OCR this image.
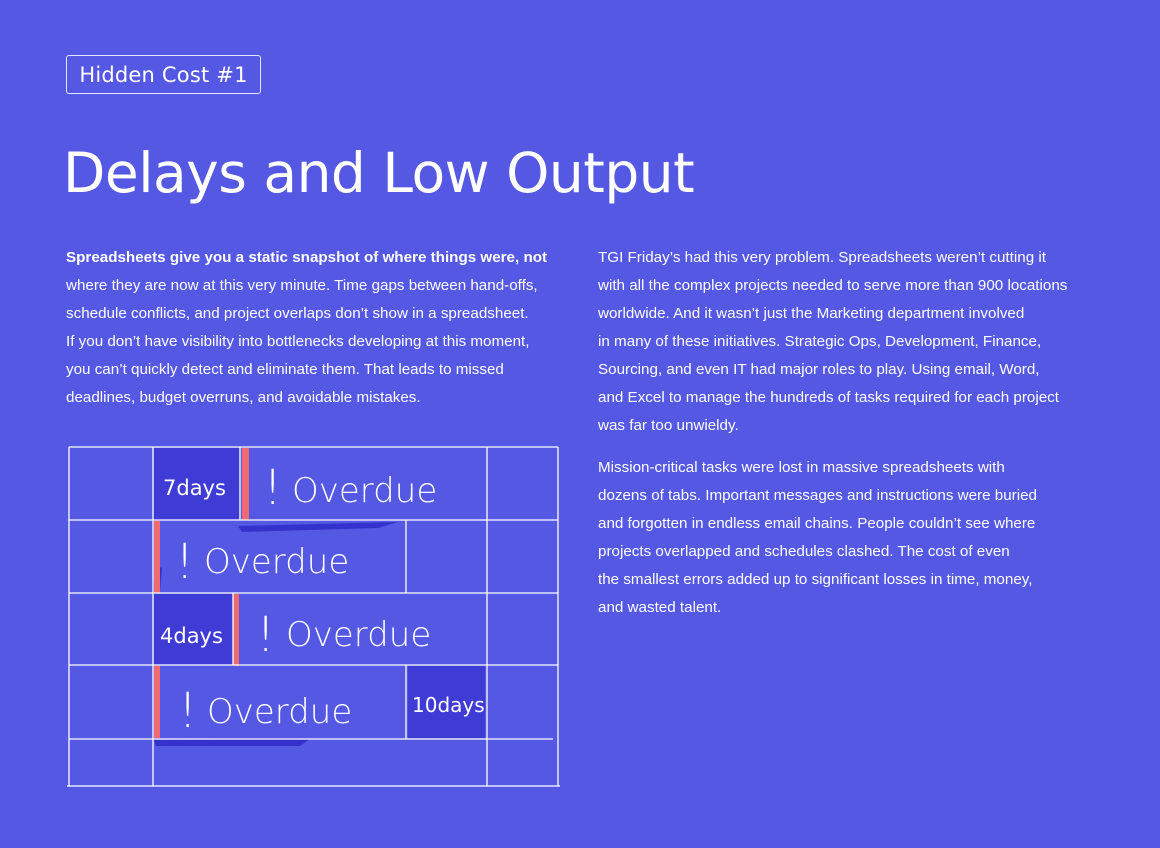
Hidden Cost #1
Delays and Low Output

Spreadsheets give you a static snapshot of where things were, not

where they are now at this very minute. Time gaps between hand-offs,

schedule conflicts, and project overlaps don’t show in a spreadsheet.

If you don’t have visibility into bottlenecks developing at this moment,

you can’t quickly detect and eliminate them. That leads to missed

deadlines, budget overruns, and avoidable mistakes.

TGI Friday’s had this very problem. Spreadsheets weren’t cutting it

with all the complex projects needed to serve more than 900 locations

worldwide. And it wasn’t just the Marketing department involved

in many of these initiatives. Strategic Ops, Development, Finance,

Sourcing, and even IT had major roles to play. Using email, Word,

and Excel to manage the hundreds of tasks required for each project

was far too unwieldy.

Mission-critical tasks were lost in massive spreadsheets with

dozens of tabs. Important messages and instructions were buried

and forgotten in endless email chains. People couldn’t see where

projects overlapped and schedules clashed. The cost of even

the smallest errors added up to significant losses in time, money,

and wasted talent.

7days ! Overdue
! Overdue
4days ! Overdue
! Overdue	10days
